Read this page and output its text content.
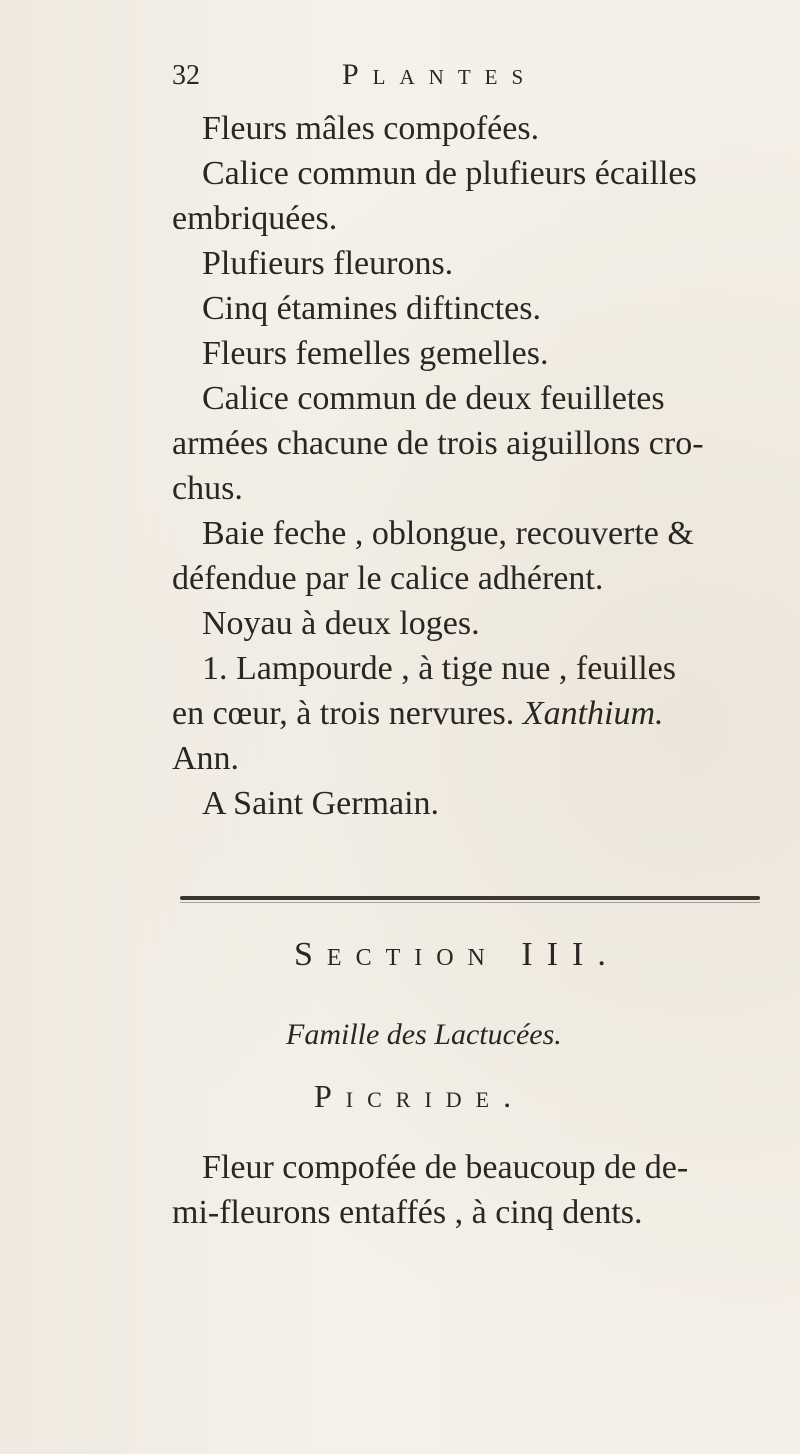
32	Plantes
Fleurs mâles compofées.
Calice commun de plufieurs écailles
embriquées.
Plufieurs fleurons.
Cinq étamines diftinctes.
Fleurs femelles gemelles.
Calice commun de deux feuilletes
armées chacune de trois aiguillons cro-
chus.
Baie feche , oblongue, recouverte &
défendue par le calice adhérent.
Noyau à deux loges.
1. Lampourde , à tige nue , feuilles
en cœur, à trois nervures. Xanthium.
Ann.
A Saint Germain.
Section III.
Famille des Lactucées.
Picride.
Fleur compofée de beaucoup de de-
mi-fleurons entaffés , à cinq dents.
